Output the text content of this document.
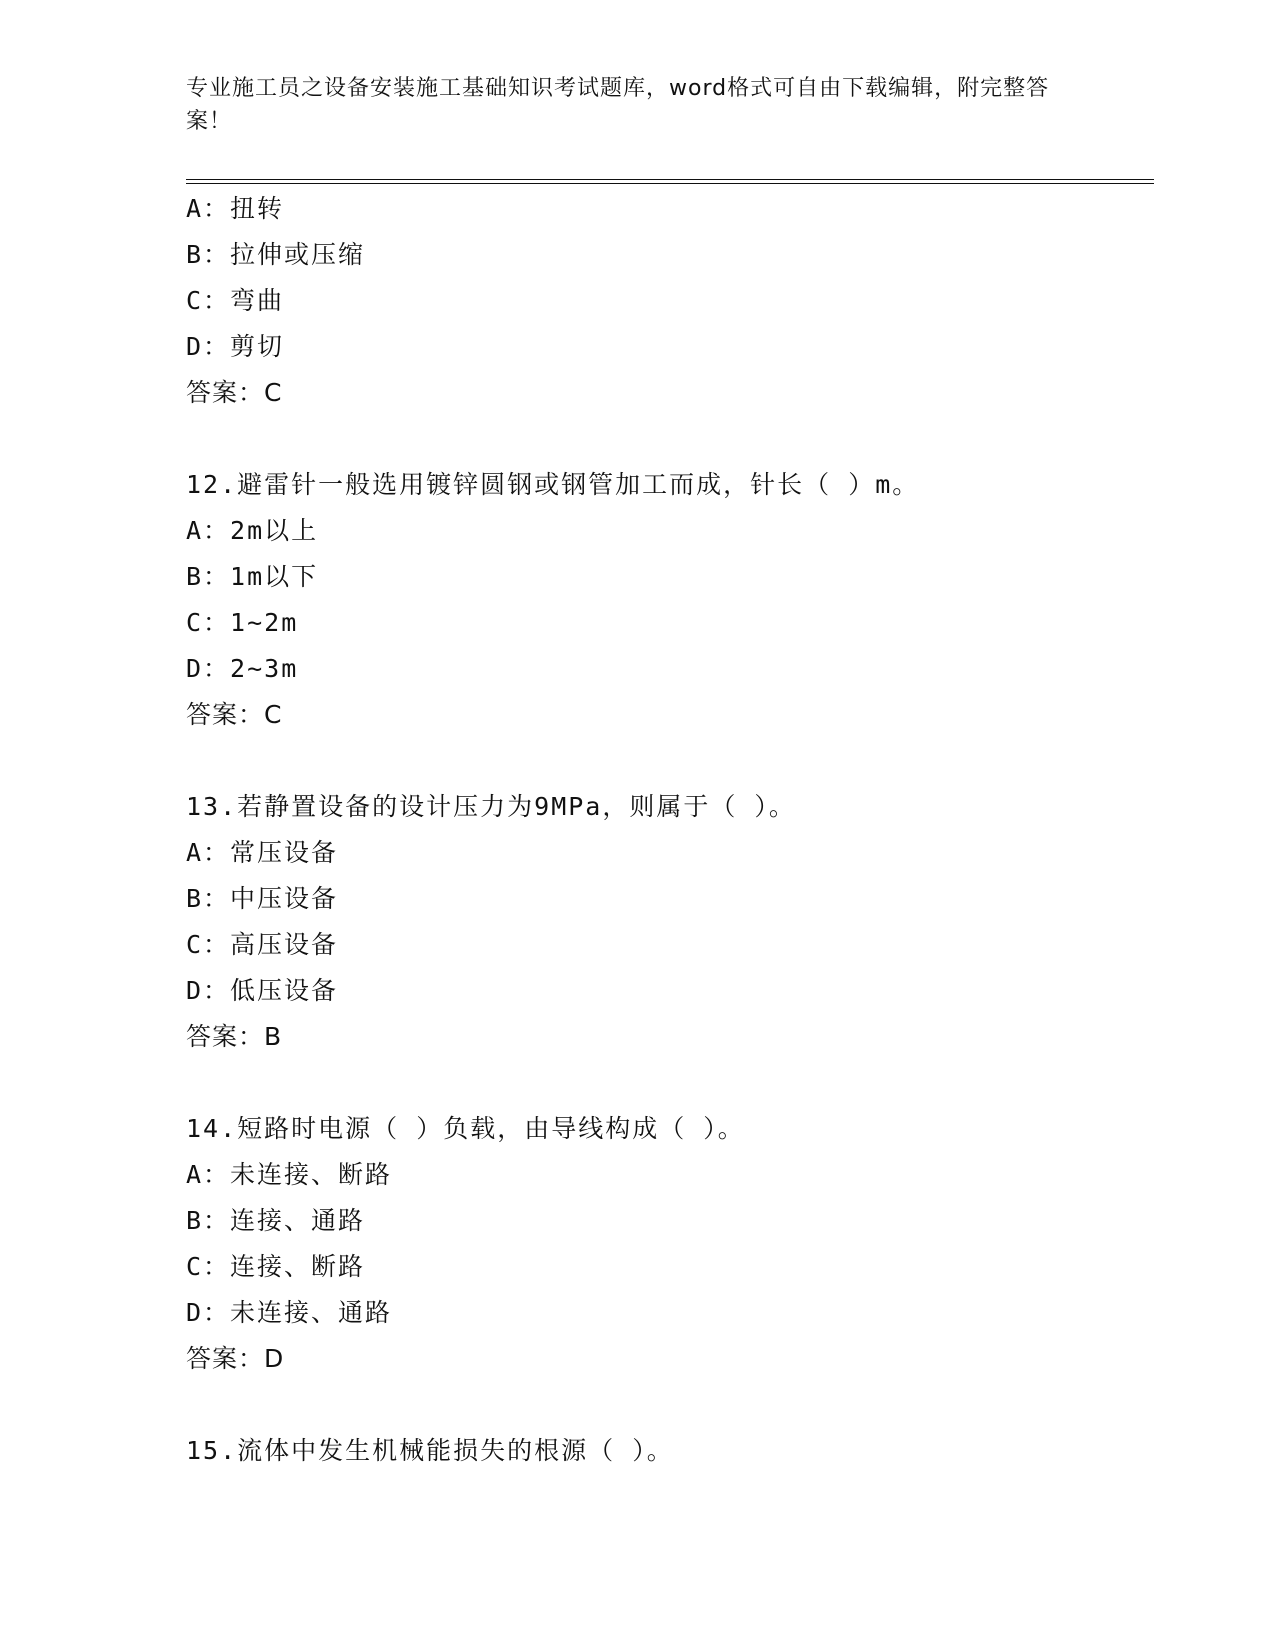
专业施工员之设备安装施工基础知识考试题库，word格式可自由下载编辑，附完整答案！
A：扭转
B：拉伸或压缩
C：弯曲
D：剪切
答案：C
12.避雷针一般选用镀锌圆钢或钢管加工而成，针长（ ）m。
A：2m以上
B：1m以下
C：1~2m
D：2~3m
答案：C
13.若静置设备的设计压力为9MPa，则属于（ ）。
A：常压设备
B：中压设备
C：高压设备
D：低压设备
答案：B
14.短路时电源（ ）负载，由导线构成（ ）。
A：未连接、断路
B：连接、通路
C：连接、断路
D：未连接、通路
答案：D
15.流体中发生机械能损失的根源（ ）。
